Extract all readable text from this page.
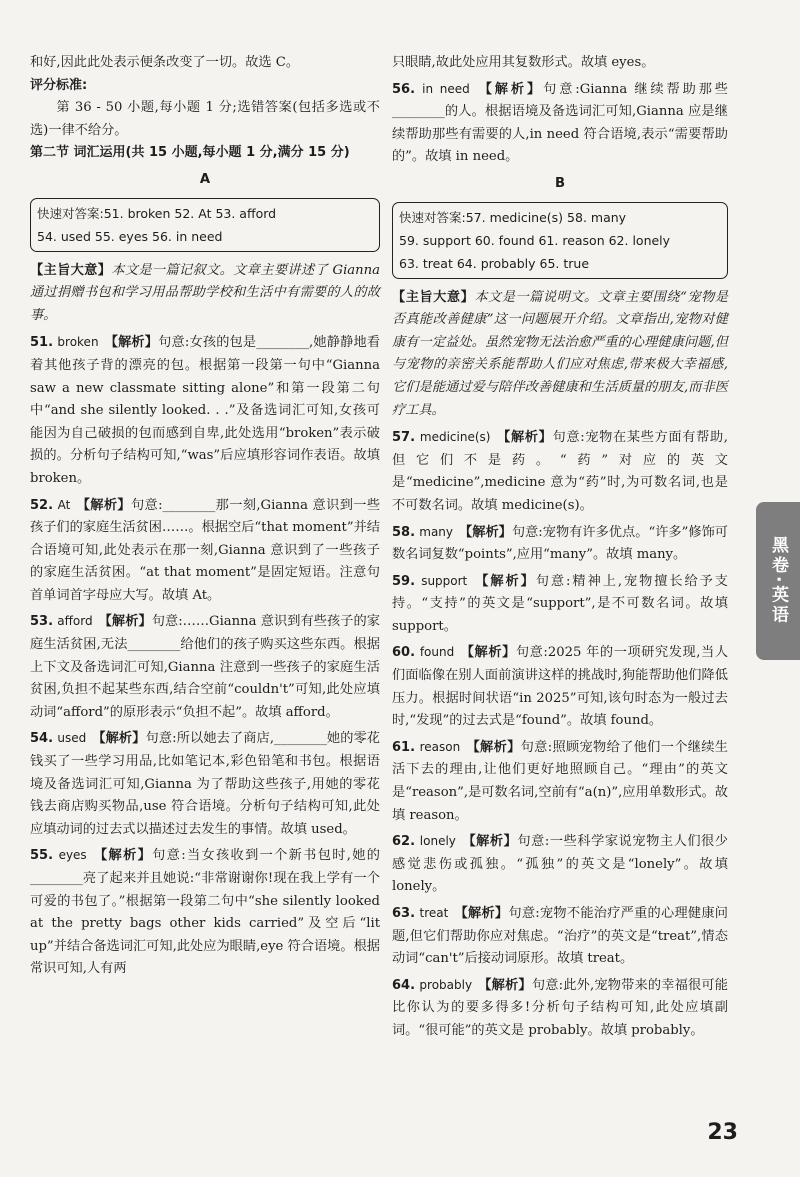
和好,因此此处表示便条改变了一切。故选 C。

评分标准:

第 36 - 50 小题,每小题 1 分;选错答案(包括多选或不选)一律不给分。

第二节 词汇运用(共 15 小题,每小题 1 分,满分 15 分)

A

快速对答案:51. broken 52. At 53. afford
54. used 55. eyes 56. in need

【主旨大意】本文是一篇记叙文。文章主要讲述了 Gianna 通过捐赠书包和学习用品帮助学校和生活中有需要的人的故事。

51. broken 【解析】句意:女孩的包是________,她静静地看着其他孩子背的漂亮的包。根据第一段第一句中“Gianna saw a new classmate sitting alone”和第一段第二句中“and she silently looked. . .”及备选词汇可知,女孩可能因为自己破损的包而感到自卑,此处选用“broken”表示破损的。分析句子结构可知,“was”后应填形容词作表语。故填 broken。

52. At 【解析】句意:________那一刻,Gianna 意识到一些孩子们的家庭生活贫困……。根据空后“that moment”并结合语境可知,此处表示在那一刻,Gianna 意识到了一些孩子的家庭生活贫困。“at that moment”是固定短语。注意句首单词首字母应大写。故填 At。

53. afford 【解析】句意:……Gianna 意识到有些孩子的家庭生活贫困,无法________给他们的孩子购买这些东西。根据上下文及备选词汇可知,Gianna 注意到一些孩子的家庭生活贫困,负担不起某些东西,结合空前“couldn't”可知,此处应填动词“afford”的原形表示“负担不起”。故填 afford。

54. used 【解析】句意:所以她去了商店,________她的零花钱买了一些学习用品,比如笔记本,彩色铅笔和书包。根据语境及备选词汇可知,Gianna 为了帮助这些孩子,用她的零花钱去商店购买物品,use 符合语境。分析句子结构可知,此处应填动词的过去式以描述过去发生的事情。故填 used。

55. eyes 【解析】句意:当女孩收到一个新书包时,她的________亮了起来并且她说:“非常谢谢你!现在我上学有一个可爱的书包了。”根据第一段第二句中“she silently looked at the pretty bags other kids carried”及空后“lit up”并结合备选词汇可知,此处应为眼睛,eye 符合语境。根据常识可知,人有两

只眼睛,故此处应用其复数形式。故填 eyes。

56. in need 【解析】句意:Gianna 继续帮助那些________的人。根据语境及备选词汇可知,Gianna 应是继续帮助那些有需要的人,in need 符合语境,表示“需要帮助的”。故填 in need。

B

快速对答案:57. medicine(s) 58. many
59. support 60. found 61. reason 62. lonely
63. treat 64. probably 65. true

【主旨大意】本文是一篇说明文。文章主要围绕“宠物是否真能改善健康”这一问题展开介绍。文章指出,宠物对健康有一定益处。虽然宠物无法治愈严重的心理健康问题,但与宠物的亲密关系能帮助人们应对焦虑,带来极大幸福感,它们是能通过爱与陪伴改善健康和生活质量的朋友,而非医疗工具。

57. medicine(s) 【解析】句意:宠物在某些方面有帮助,但它们不是药。“药”对应的英文是“medicine”,medicine 意为“药”时,为可数名词,也是不可数名词。故填 medicine(s)。

58. many 【解析】句意:宠物有许多优点。“许多”修饰可数名词复数“points”,应用“many”。故填 many。

59. support 【解析】句意:精神上,宠物擅长给予支持。“支持”的英文是“support”,是不可数名词。故填 support。

60. found 【解析】句意:2025 年的一项研究发现,当人们面临像在别人面前演讲这样的挑战时,狗能帮助他们降低压力。根据时间状语“in 2025”可知,该句时态为一般过去时,“发现”的过去式是“found”。故填 found。

61. reason 【解析】句意:照顾宠物给了他们一个继续生活下去的理由,让他们更好地照顾自己。“理由”的英文是“reason”,是可数名词,空前有“a(n)”,应用单数形式。故填 reason。

62. lonely 【解析】句意:一些科学家说宠物主人们很少感觉悲伤或孤独。“孤独”的英文是“lonely”。故填 lonely。

63. treat 【解析】句意:宠物不能治疗严重的心理健康问题,但它们帮助你应对焦虑。“治疗”的英文是“treat”,情态动词“can't”后接动词原形。故填 treat。

64. probably 【解析】句意:此外,宠物带来的幸福很可能比你认为的要多得多!分析句子结构可知,此处应填副词。“很可能”的英文是 probably。故填 probably。

黑卷·英语
23
